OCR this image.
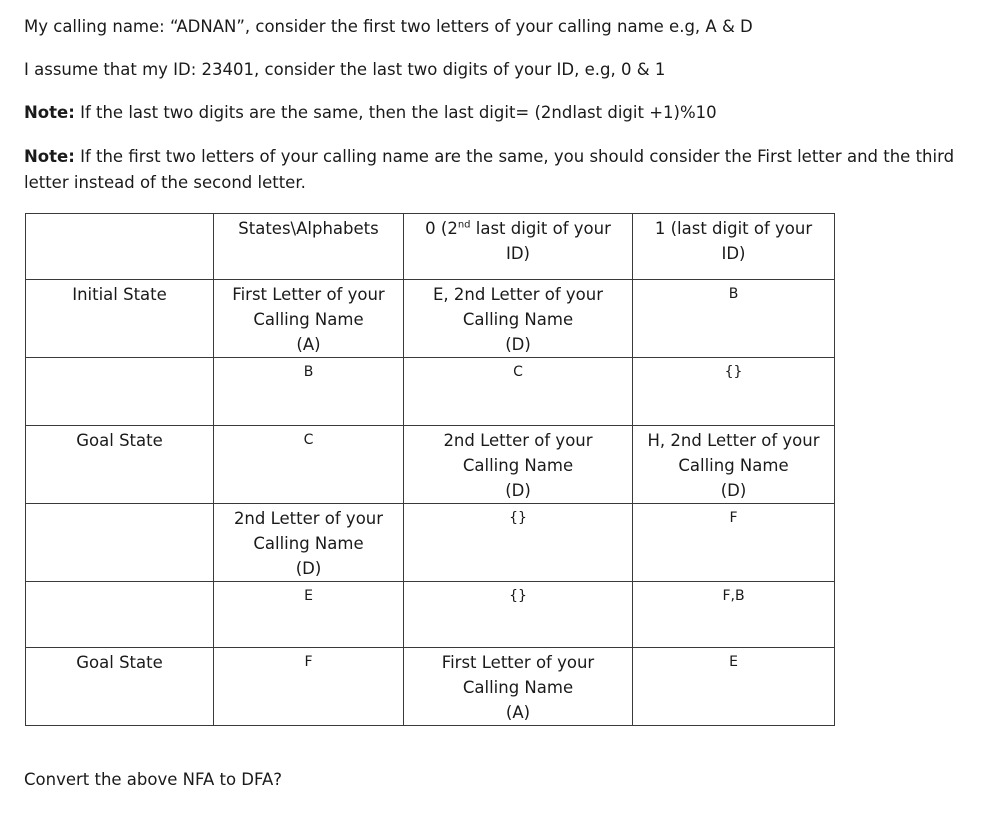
My calling name: “ADNAN”, consider the first two letters of your calling name e.g, A & D

I assume that my ID: 23401, consider the last two digits of your ID, e.g, 0 & 1

Note: If the last two digits are the same, then the last digit= (2ndlast digit +1)%10

Note: If the first two letters of your calling name are the same, you should consider the First letter and the third letter instead of the second letter.

	States\Alphabets	0 (2nd last digit of your
ID)	1 (last digit of your
ID)

Initial State	First Letter of your
Calling Name
(A)	E, 2nd Letter of your
Calling Name
(D)	B

	B	C	{}

Goal State	C	2nd Letter of your
Calling Name
(D)	H, 2nd Letter of your
Calling Name
(D)

	2nd Letter of your
Calling Name
(D)	{}	F

	E	{}	F,B

Goal State	F	First Letter of your
Calling Name
(A)	E

Convert the above NFA to DFA?
